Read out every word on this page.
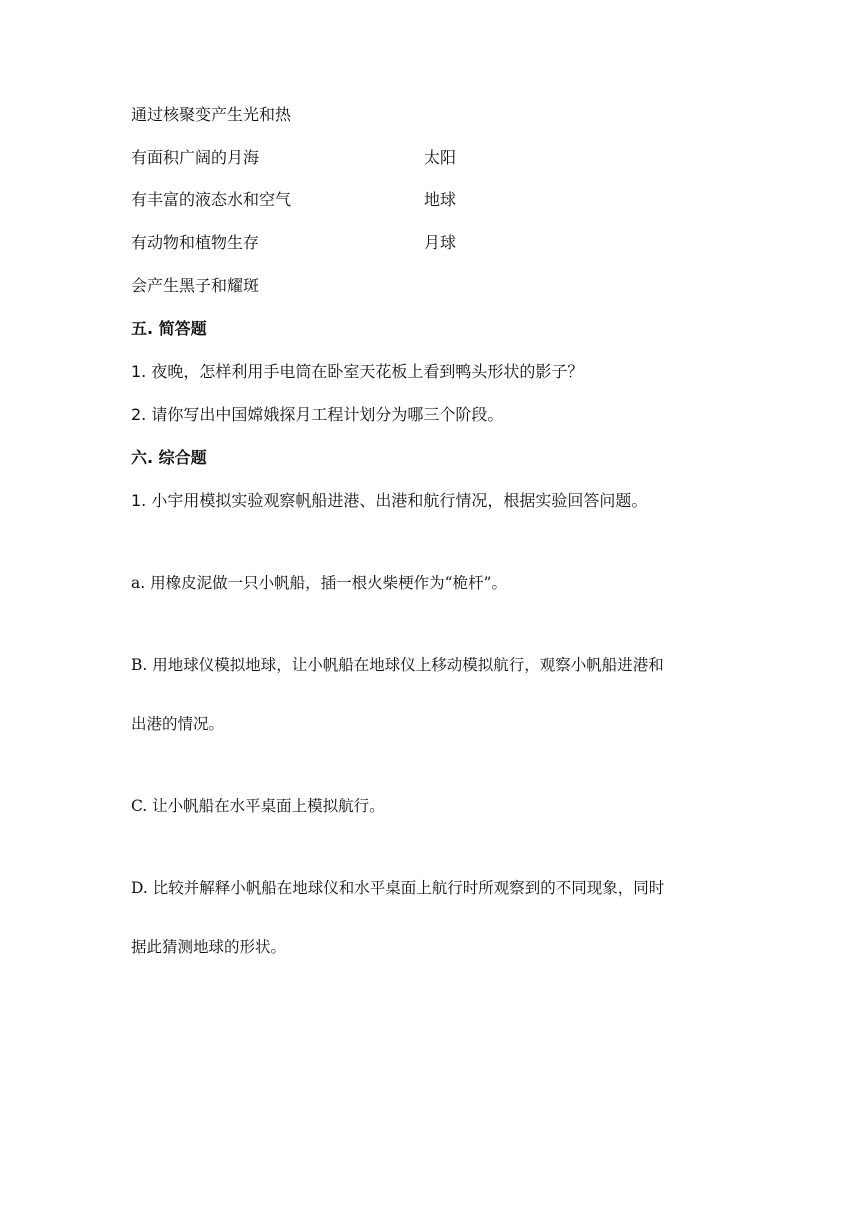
通过核聚变产生光和热
有面积广阔的月海	太阳
有丰富的液态水和空气	地球
有动物和植物生存	月球
会产生黑子和耀斑
五. 简答题
1. 夜晚，怎样利用手电筒在卧室天花板上看到鸭头形状的影子？
2. 请你写出中国嫦娥探月工程计划分为哪三个阶段。
六. 综合题
1. 小宇用模拟实验观察帆船进港、出港和航行情况，根据实验回答问题。
a. 用橡皮泥做一只小帆船，插一根火柴梗作为“桅杆”。
B. 用地球仪模拟地球，让小帆船在地球仪上移动模拟航行，观察小帆船进港和
出港的情况。
C. 让小帆船在水平桌面上模拟航行。
D. 比较并解释小帆船在地球仪和水平桌面上航行时所观察到的不同现象，同时
据此猜测地球的形状。
